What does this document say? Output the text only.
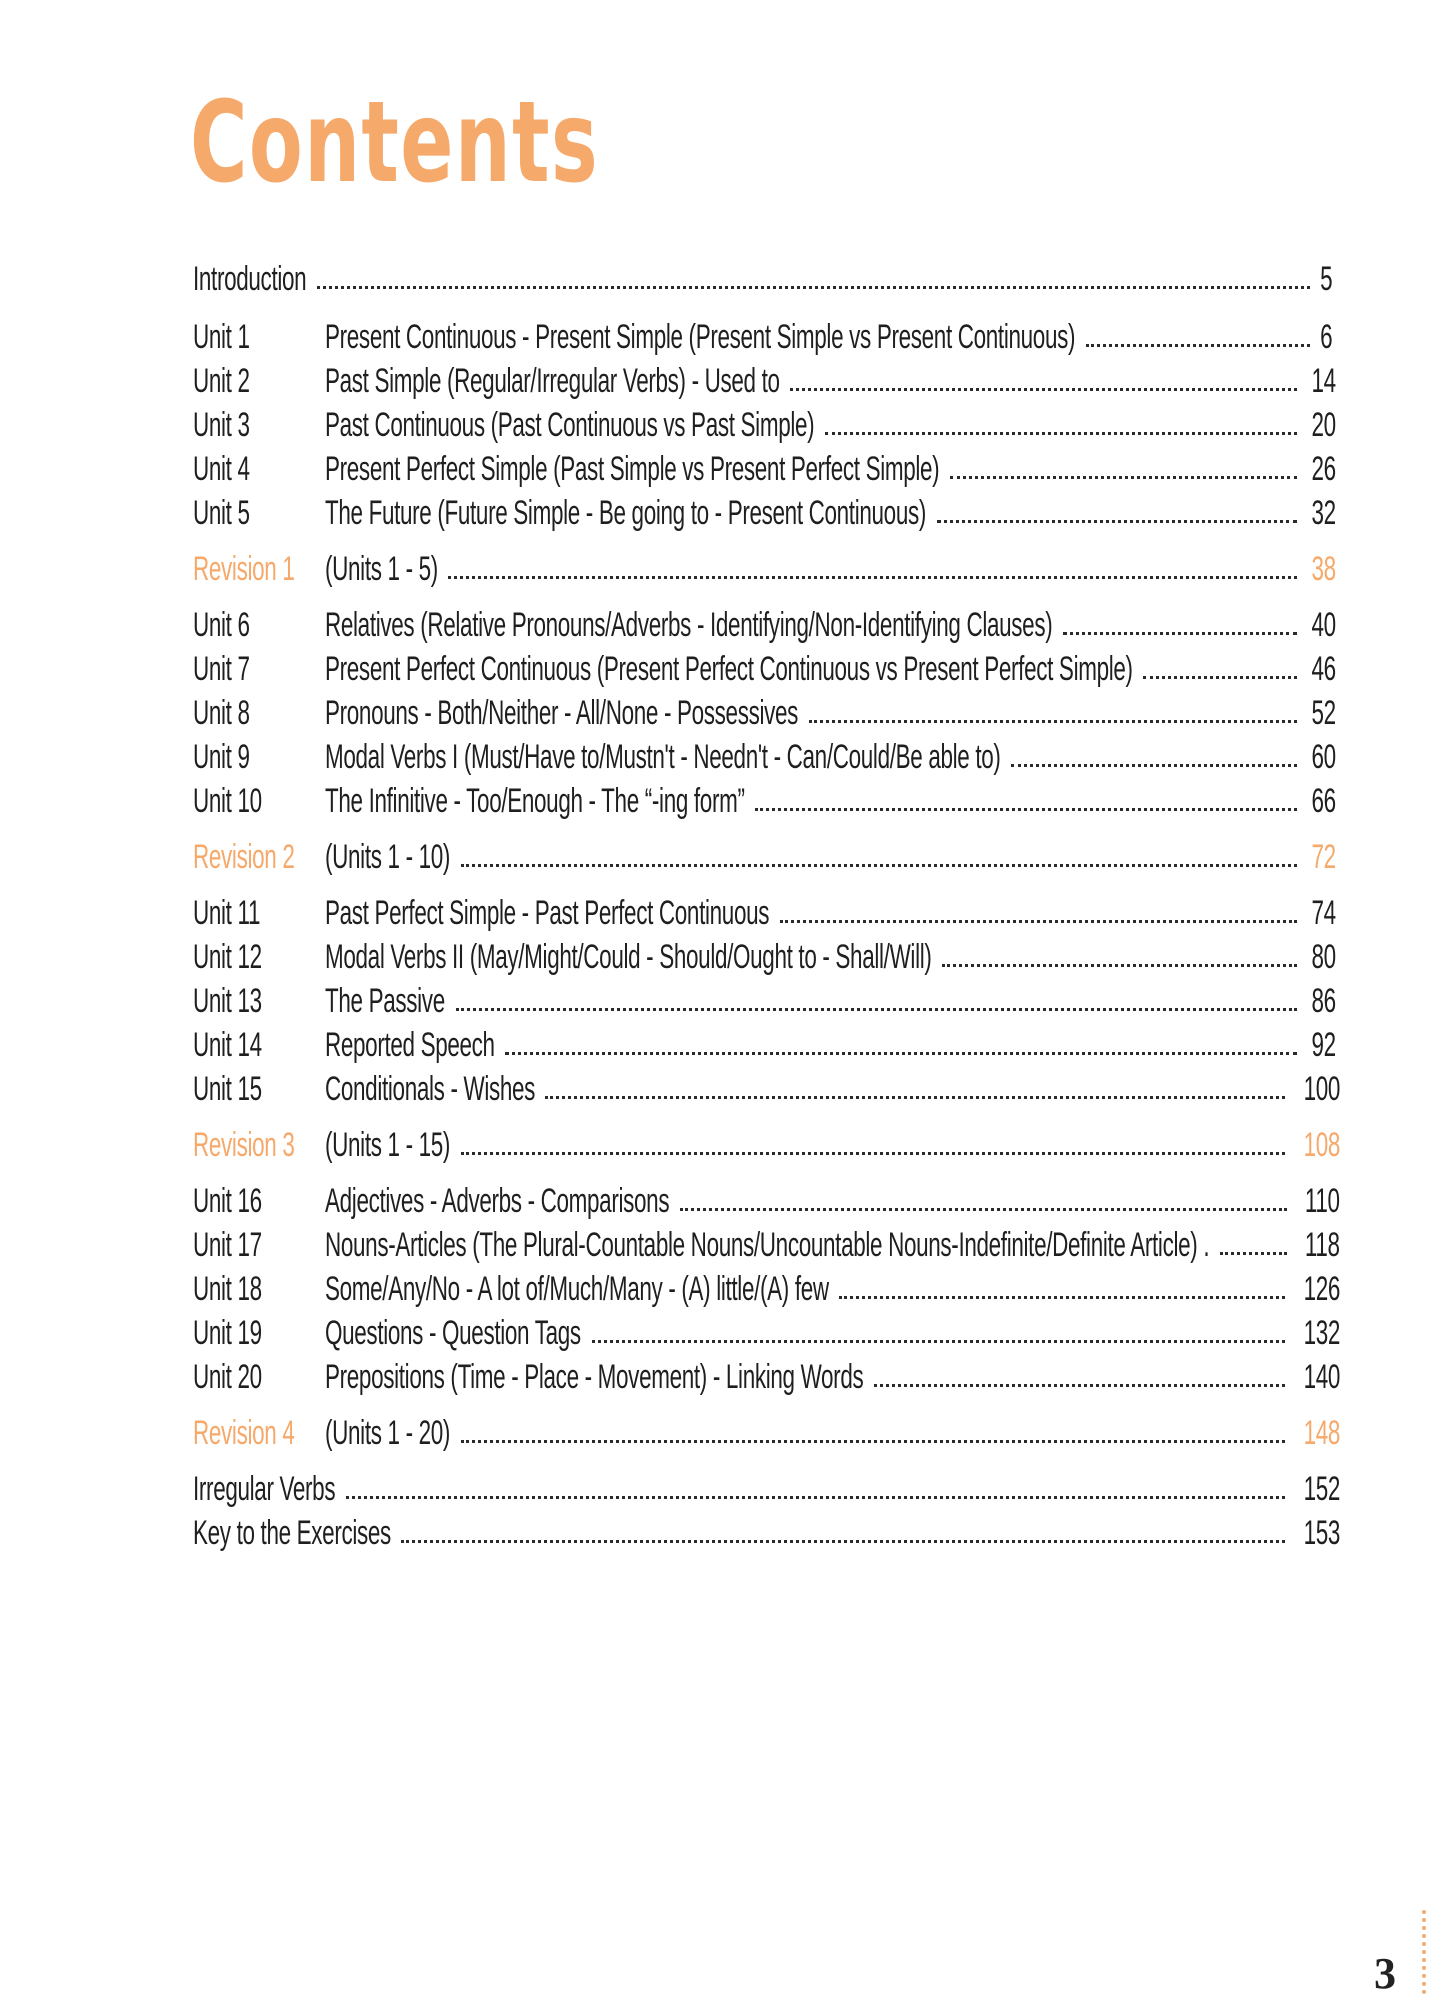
Contents
Introduction	5
Unit 1	Present Continuous - Present Simple (Present Simple vs Present Continuous)	6
Unit 2	Past Simple (Regular/Irregular Verbs) - Used to	14
Unit 3	Past Continuous (Past Continuous vs Past Simple)	20
Unit 4	Present Perfect Simple (Past Simple vs Present Perfect Simple)	26
Unit 5	The Future (Future Simple - Be going to - Present Continuous)	32
Revision 1 (Units 1 - 5)	38
Unit 6	Relatives (Relative Pronouns/Adverbs - Identifying/Non-Identifying Clauses)	40
Unit 7	Present Perfect Continuous (Present Perfect Continuous vs Present Perfect Simple)	46
Unit 8	Pronouns - Both/Neither - All/None - Possessives	52
Unit 9	Modal Verbs I (Must/Have to/Mustn't - Needn't - Can/Could/Be able to)	60
Unit 10	The Infinitive - Too/Enough - The “-ing form”	66
Revision 2 (Units 1 - 10)	72
Unit 11	Past Perfect Simple - Past Perfect Continuous	74
Unit 12	Modal Verbs II (May/Might/Could - Should/Ought to - Shall/Will)	80
Unit 13	The Passive	86
Unit 14	Reported Speech	92
Unit 15	Conditionals - Wishes	100
Revision 3 (Units 1 - 15)	108
Unit 16	Adjectives - Adverbs - Comparisons	110
Unit 17	Nouns-Articles (The Plural-Countable Nouns/Uncountable Nouns-Indefinite/Definite Article) .	118
Unit 18	Some/Any/No - A lot of/Much/Many - (A) little/(A) few	126
Unit 19	Questions - Question Tags	132
Unit 20	Prepositions (Time - Place - Movement) - Linking Words	140
Revision 4 (Units 1 - 20)	148
Irregular Verbs	152
Key to the Exercises	153
3
